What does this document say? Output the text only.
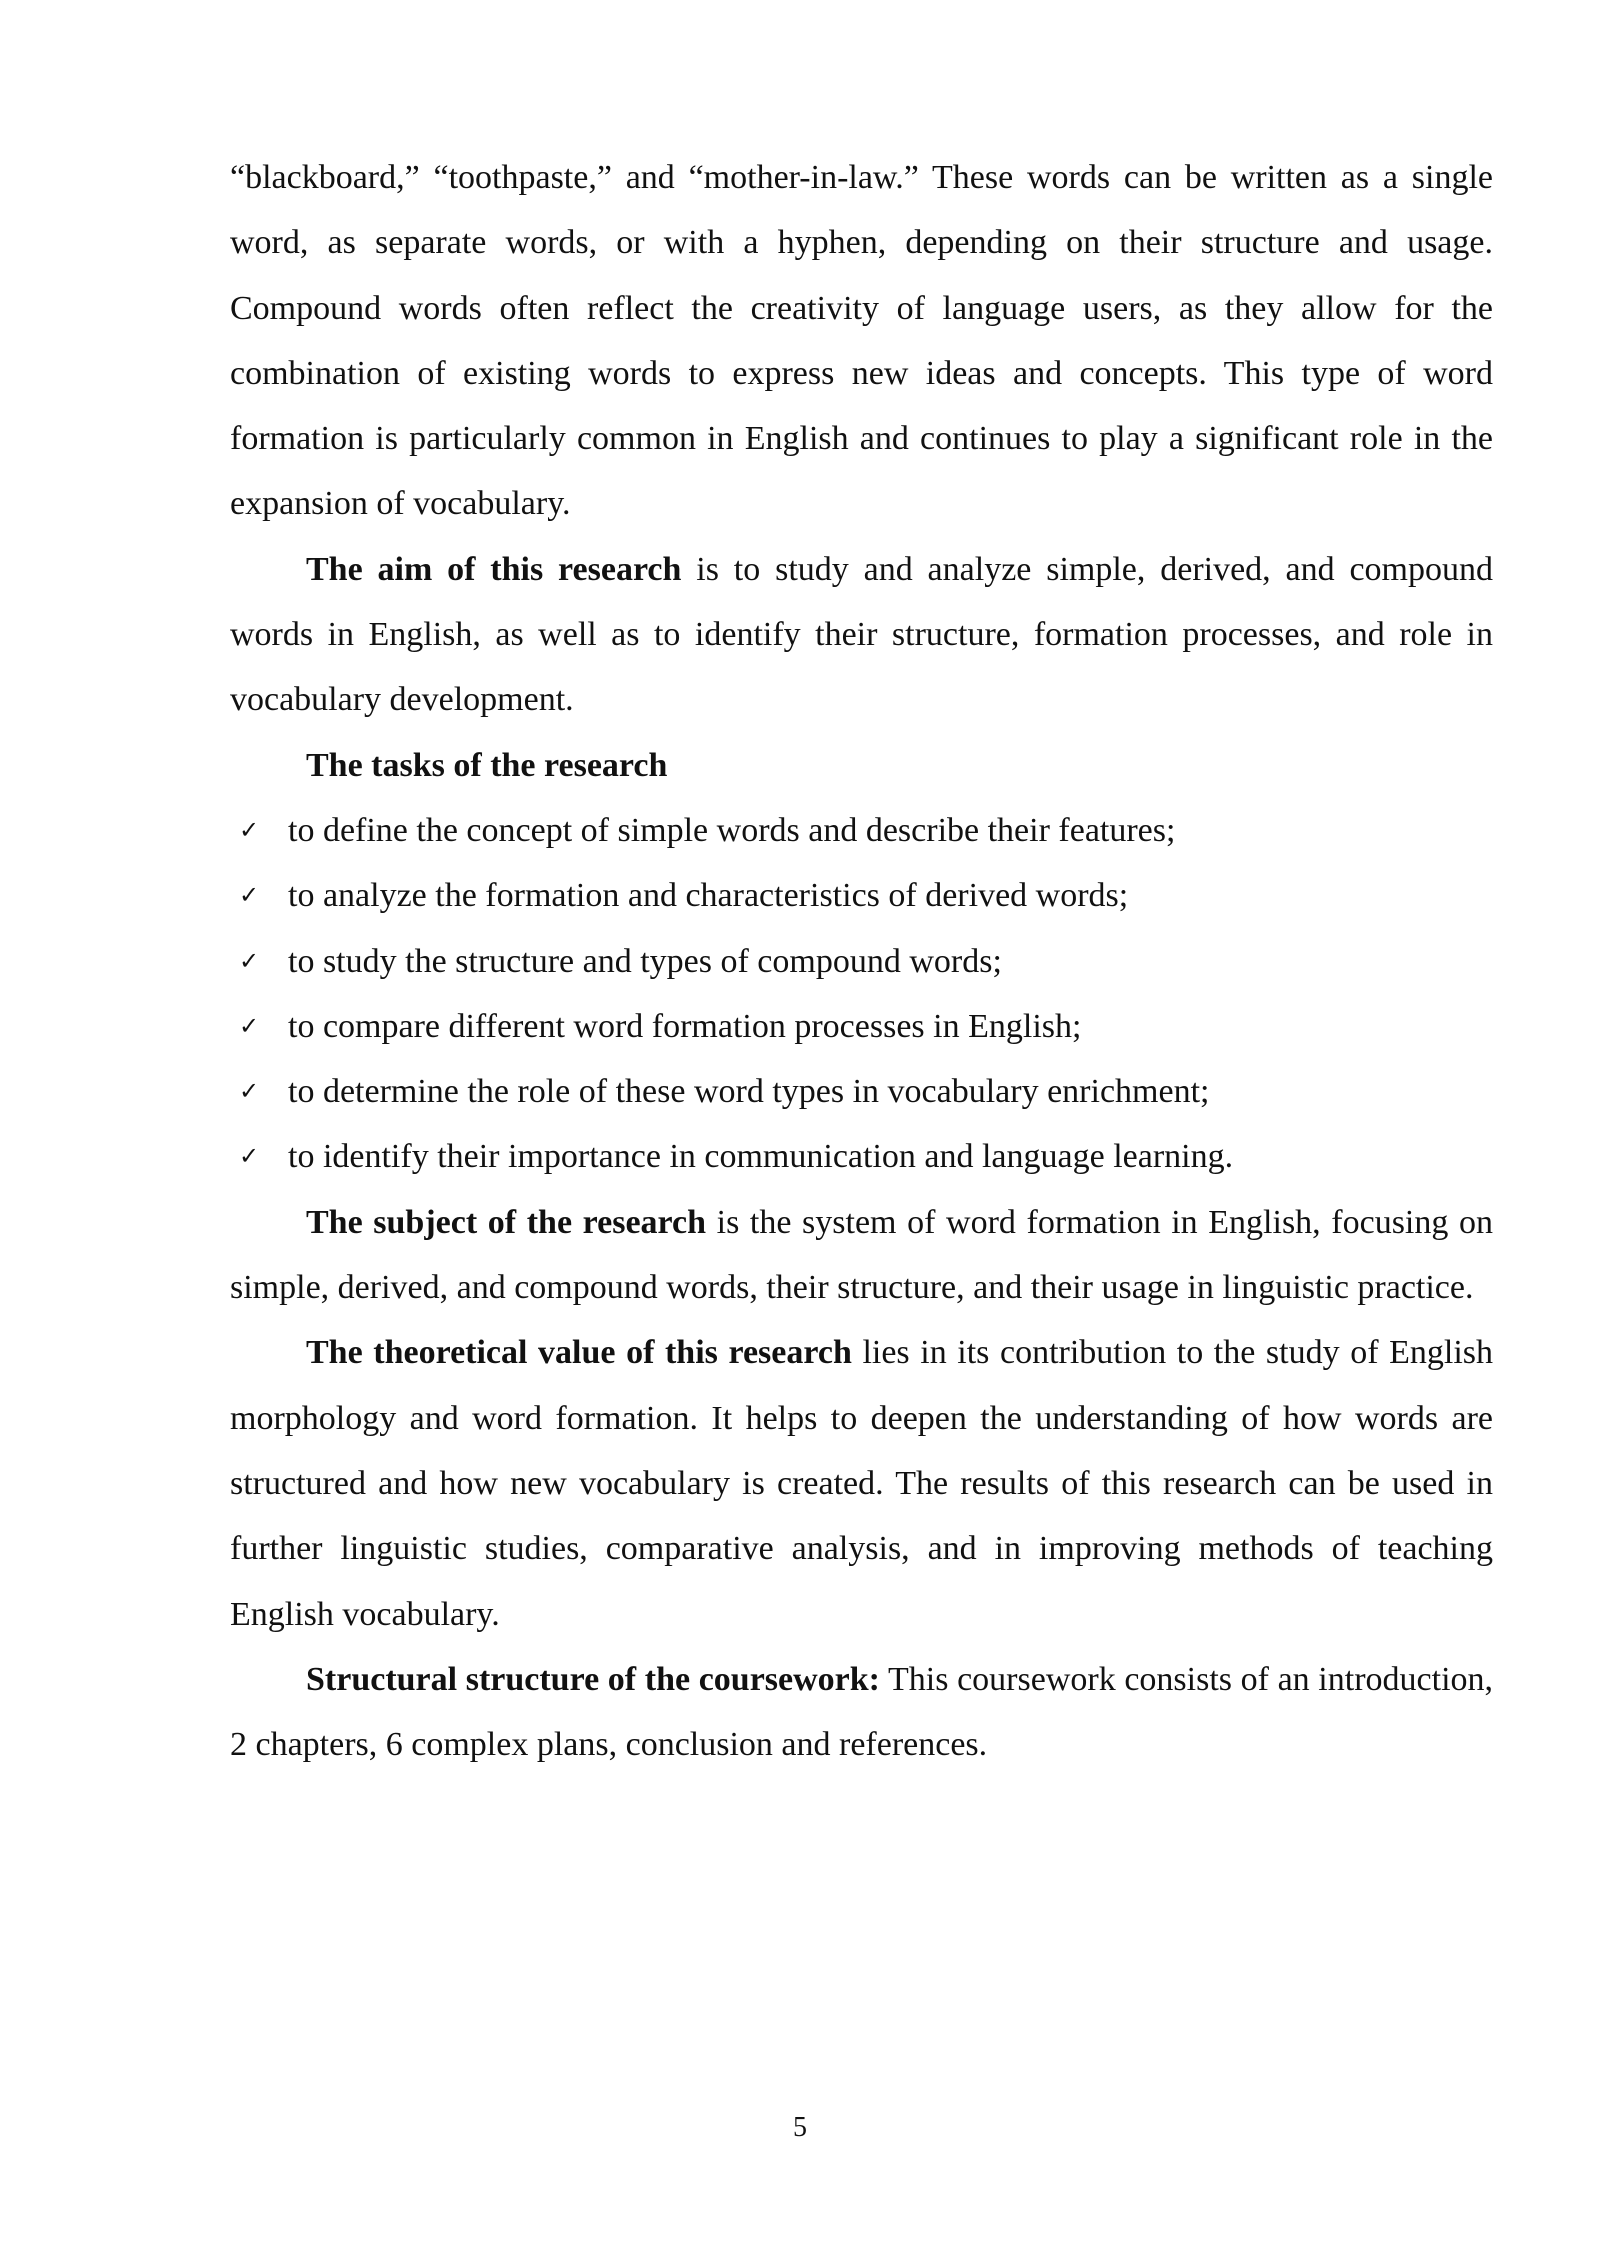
“blackboard,” “toothpaste,” and “mother-in-law.” These words can be written as a single word, as separate words, or with a hyphen, depending on their structure and usage. Compound words often reflect the creativity of language users, as they allow for the combination of existing words to express new ideas and concepts. This type of word formation is particularly common in English and continues to play a significant role in the expansion of vocabulary.

The aim of this research is to study and analyze simple, derived, and compound words in English, as well as to identify their structure, formation processes, and role in vocabulary development.

The tasks of the research

✓ to define the concept of simple words and describe their features;
✓ to analyze the formation and characteristics of derived words;
✓ to study the structure and types of compound words;
✓ to compare different word formation processes in English;
✓ to determine the role of these word types in vocabulary enrichment;
✓ to identify their importance in communication and language learning.

The subject of the research is the system of word formation in English, focusing on simple, derived, and compound words, their structure, and their usage in linguistic practice.

The theoretical value of this research lies in its contribution to the study of English morphology and word formation. It helps to deepen the understanding of how words are structured and how new vocabulary is created. The results of this research can be used in further linguistic studies, comparative analysis, and in improving methods of teaching English vocabulary.

Structural structure of the coursework: This coursework consists of an introduction, 2 chapters, 6 complex plans, conclusion and references.

5
